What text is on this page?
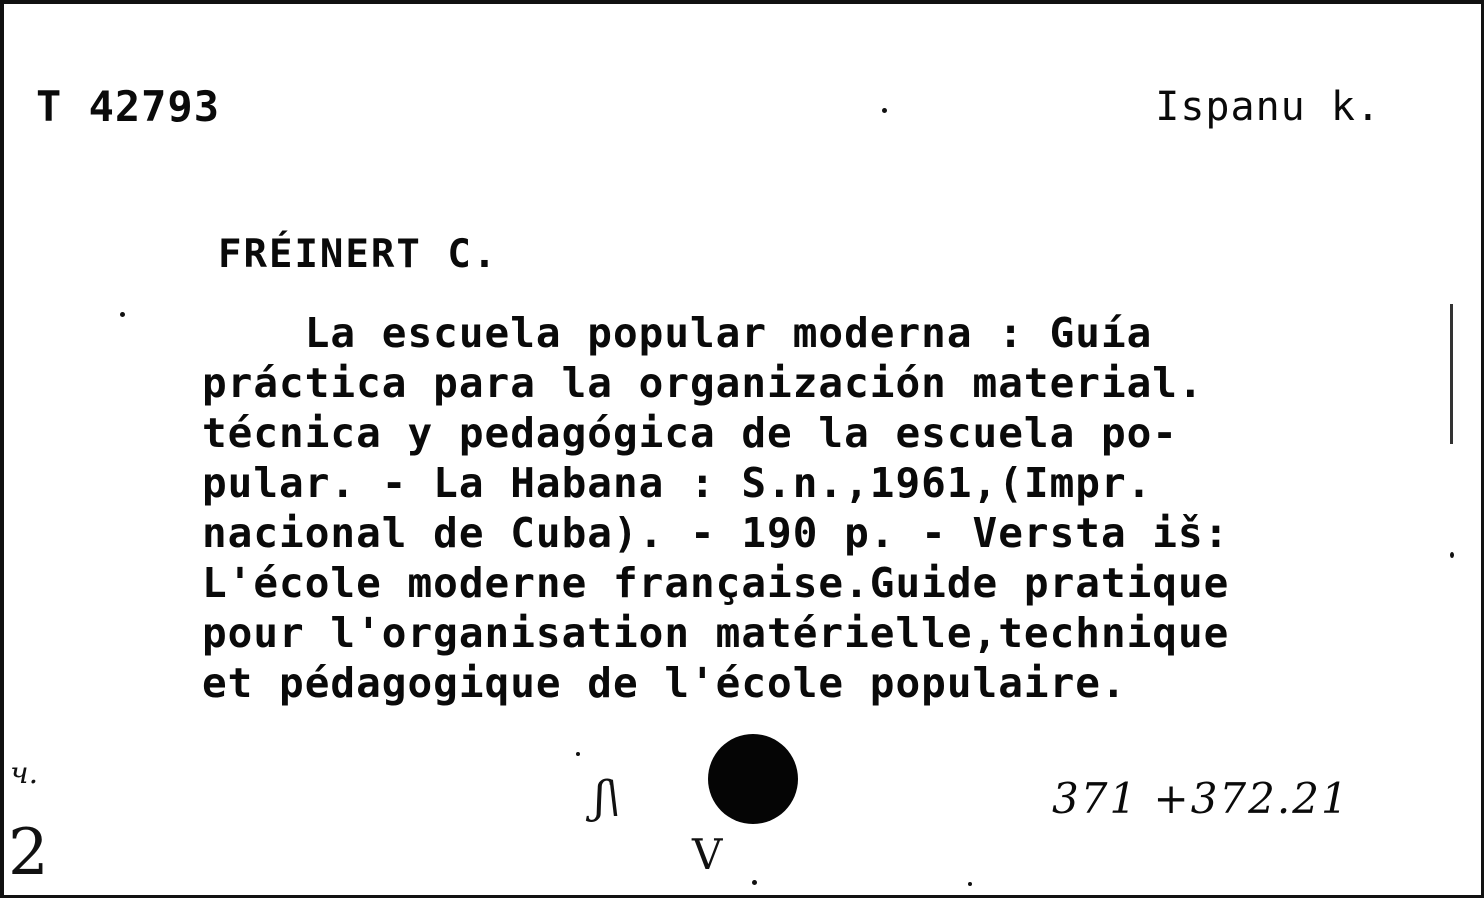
T 42793	Ispanu k.
FRÉINERT C.
La escuela popular moderna : Guía
práctica para la organización material.
técnica y pedagógica de la escuela po-
pular. - La Habana : S.n.,1961,(Impr.
nacional de Cuba). - 190 p. - Versta iš:
L'école moderne française.Guide pratique
pour l'organisation matérielle,technique
et pédagogique de l'école populaire.
ч.
2
ʃ\
V
371 +372.21
